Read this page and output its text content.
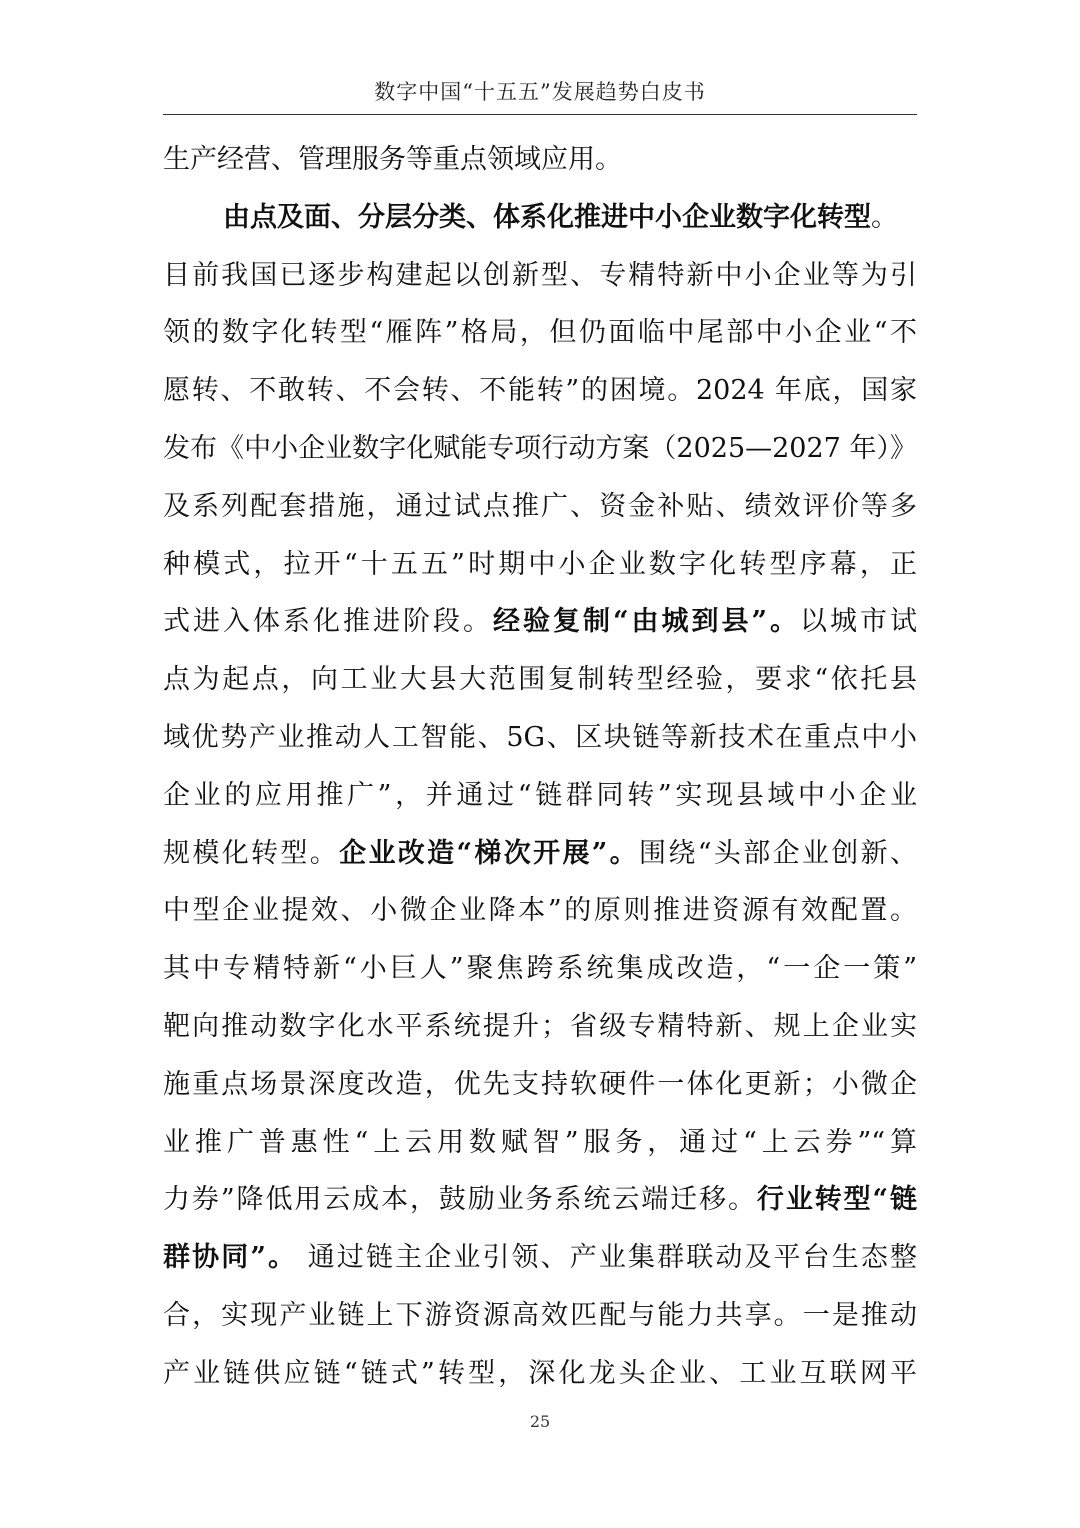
数字中国“十五五”发展趋势白皮书
生产经营、管理服务等重点领域应用。
由点及面、分层分类、体系化推进中小企业数字化转型。
目前我国已逐步构建起以创新型、专精特新中小企业等为引
领的数字化转型“雁阵”格局，但仍面临中尾部中小企业“不
愿转、不敢转、不会转、不能转”的困境。2024 年底，国家
发布《中小企业数字化赋能专项行动方案（2025—2027 年）》
及系列配套措施，通过试点推广、资金补贴、绩效评价等多
种模式，拉开“十五五”时期中小企业数字化转型序幕，正
式进入体系化推进阶段。经验复制“由城到县”。以城市试
点为起点，向工业大县大范围复制转型经验，要求“依托县
域优势产业推动人工智能、5G、区块链等新技术在重点中小
企业的应用推广”，并通过“链群同转”实现县域中小企业
规模化转型。企业改造“梯次开展”。围绕“头部企业创新、
中型企业提效、小微企业降本”的原则推进资源有效配置。
其中专精特新“小巨人”聚焦跨系统集成改造，“一企一策”
靶向推动数字化水平系统提升；省级专精特新、规上企业实
施重点场景深度改造，优先支持软硬件一体化更新；小微企
业推广普惠性“上云用数赋智”服务，通过“上云券”“算
力券”降低用云成本，鼓励业务系统云端迁移。行业转型“链
群协同”。 通过链主企业引领、产业集群联动及平台生态整
合，实现产业链上下游资源高效匹配与能力共享。一是推动
产业链供应链“链式”转型，深化龙头企业、工业互联网平
25
